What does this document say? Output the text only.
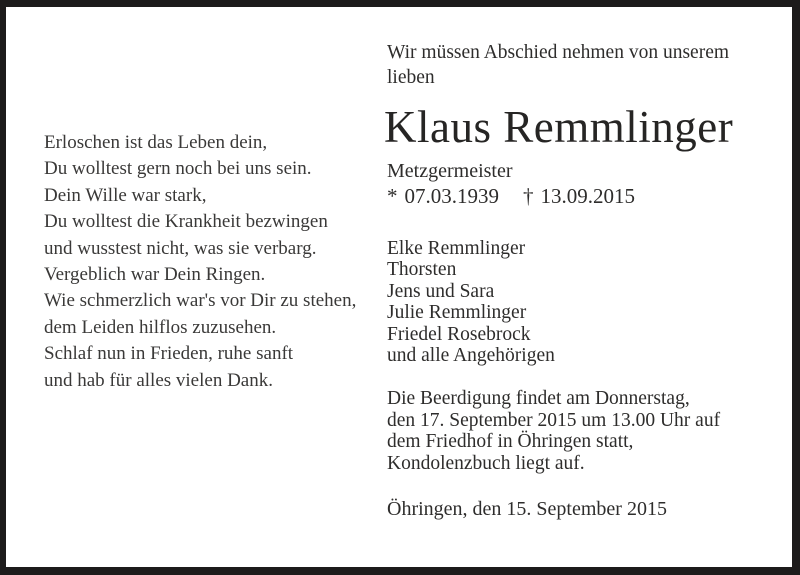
Erloschen ist das Leben dein,
Du wolltest gern noch bei uns sein.
Dein Wille war stark,
Du wolltest die Krankheit bezwingen
und wusstest nicht, was sie verbarg.
Vergeblich war Dein Ringen.
Wie schmerzlich war's vor Dir zu stehen,
dem Leiden hilflos zuzusehen.
Schlaf nun in Frieden, ruhe sanft
und hab für alles vielen Dank.
Wir müssen Abschied nehmen von unserem
lieben
Klaus Remmlinger
Metzgermeister
* 07.03.1939 † 13.09.2015
Elke Remmlinger
Thorsten
Jens und Sara
Julie Remmlinger
Friedel Rosebrock
und alle Angehörigen
Die Beerdigung findet am Donnerstag,
den 17. September 2015 um 13.00 Uhr auf
dem Friedhof in Öhringen statt,
Kondolenzbuch liegt auf.
Öhringen, den 15. September 2015
